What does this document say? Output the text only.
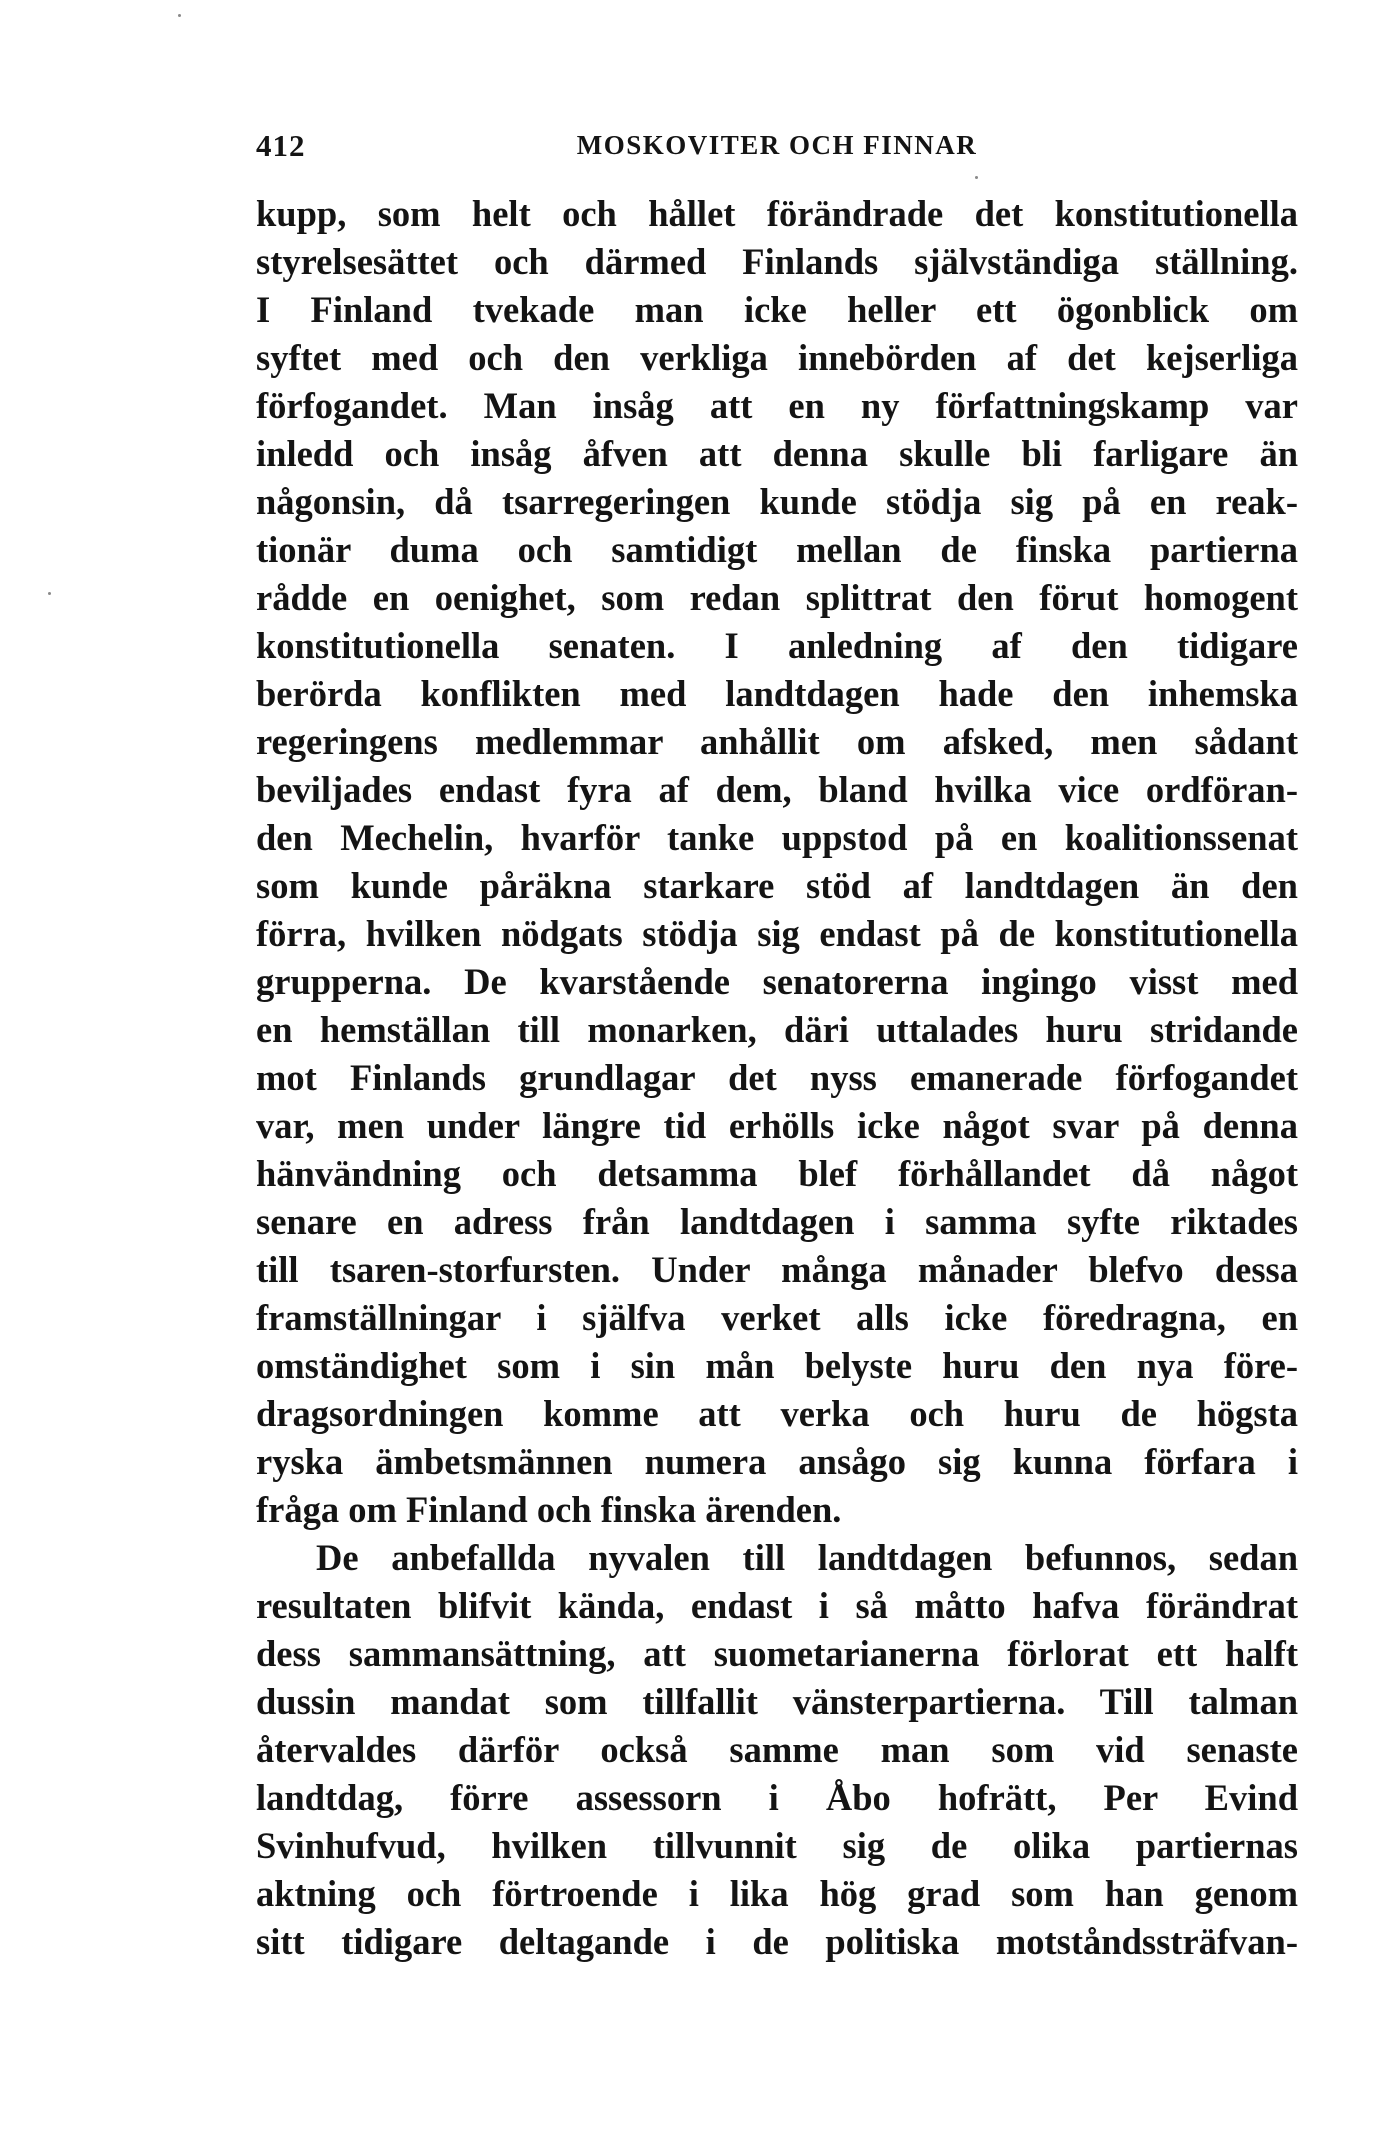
412	MOSKOVITER OCH FINNAR
kupp, som helt och hållet förändrade det konstitutionella
styrelsesättet och därmed Finlands självständiga ställning.
I Finland tvekade man icke heller ett ögonblick om
syftet med och den verkliga innebörden af det kejserliga
förfogandet. Man insåg att en ny författningskamp var
inledd och insåg åfven att denna skulle bli farligare än
någonsin, då tsarregeringen kunde stödja sig på en reak-
tionär duma och samtidigt mellan de finska partierna
rådde en oenighet, som redan splittrat den förut homogent
konstitutionella senaten. I anledning af den tidigare
berörda konflikten med landtdagen hade den inhemska
regeringens medlemmar anhållit om afsked, men sådant
beviljades endast fyra af dem, bland hvilka vice ordföran-
den Mechelin, hvarför tanke uppstod på en koalitionssenat
som kunde påräkna starkare stöd af landtdagen än den
förra, hvilken nödgats stödja sig endast på de konstitutionella
grupperna. De kvarstående senatorerna ingingo visst med
en hemställan till monarken, däri uttalades huru stridande
mot Finlands grundlagar det nyss emanerade förfogandet
var, men under längre tid erhölls icke något svar på denna
hänvändning och detsamma blef förhållandet då något
senare en adress från landtdagen i samma syfte riktades
till tsaren-storfursten. Under många månader blefvo dessa
framställningar i själfva verket alls icke föredragna, en
omständighet som i sin mån belyste huru den nya före-
dragsordningen komme att verka och huru de högsta
ryska ämbetsmännen numera ansågo sig kunna förfara i
fråga om Finland och finska ärenden.
De anbefallda nyvalen till landtdagen befunnos, sedan
resultaten blifvit kända, endast i så måtto hafva förändrat
dess sammansättning, att suometarianerna förlorat ett halft
dussin mandat som tillfallit vänsterpartierna. Till talman
återvaldes därför också samme man som vid senaste
landtdag, förre assessorn i Åbo hofrätt, Per Evind
Svinhufvud, hvilken tillvunnit sig de olika partiernas
aktning och förtroende i lika hög grad som han genom
sitt tidigare deltagande i de politiska motståndssträfvan-
